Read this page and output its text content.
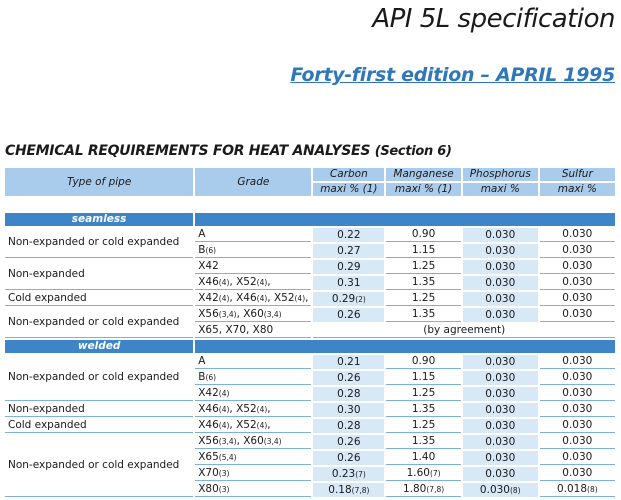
API 5L specification
Forty-first edition – APRIL 1995
CHEMICAL REQUIREMENTS FOR HEAT ANALYSES (Section 6)
Type of pipe	Grade	Carbon	Manganese	Phosphorus	Sulfur
		maxi % (1)	maxi % (1)	maxi %	maxi %

seamless					
Non-expanded or cold expanded	A	0.22	0.90	0.030	0.030
	B(6)	0.27	1.15	0.030	0.030
Non-expanded	X42	0.29	1.25	0.030	0.030
	X46(4), X52(4),	0.31	1.35	0.030	0.030
Cold expanded	X42(4), X46(4), X52(4),	0.29(2)	1.25	0.030	0.030
Non-expanded or cold expanded	X56(3,4), X60(3,4)	0.26	1.35	0.030	0.030
	X65, X70, X80	(by agreement)			
welded					
Non-expanded or cold expanded	A	0.21	0.90	0.030	0.030
	B(6)	0.26	1.15	0.030	0.030
	X42(4)	0.28	1.25	0.030	0.030
Non-expanded	X46(4), X52(4),	0.30	1.35	0.030	0.030
Cold expanded	X46(4), X52(4),	0.28	1.25	0.030	0.030
Non-expanded or cold expanded	X56(3,4), X60(3,4)	0.26	1.35	0.030	0.030
	X65(5,4)	0.26	1.40	0.030	0.030
	X70(3)	0.23(7)	1.60(7)	0.030	0.030
	X80(3)	0.18(7,8)	1.80(7,8)	0.030(8)	0.018(8)
